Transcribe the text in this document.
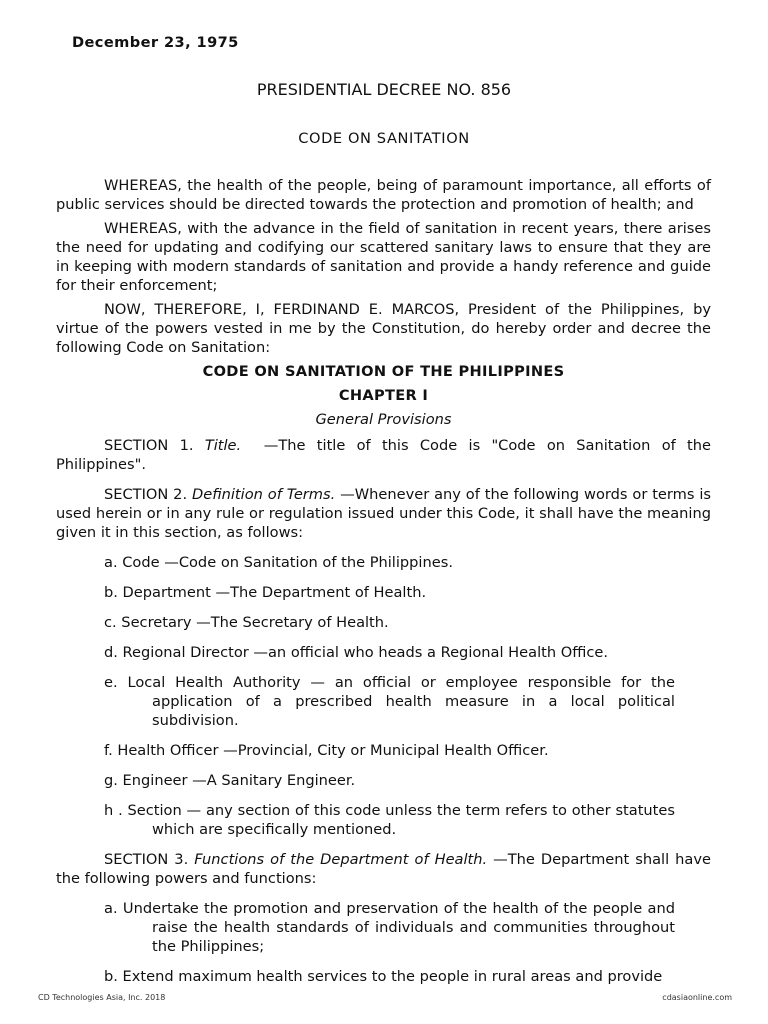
December 23, 1975
PRESIDENTIAL DECREE NO. 856
CODE ON SANITATION

WHEREAS, the health of the people, being of paramount importance, all efforts of public services should be directed towards the protection and promotion of health; and

WHEREAS, with the advance in the field of sanitation in recent years, there arises the need for updating and codifying our scattered sanitary laws to ensure that they are in keeping with modern standards of sanitation and provide a handy reference and guide for their enforcement;

NOW, THEREFORE, I, FERDINAND E. MARCOS, President of the Philippines, by virtue of the powers vested in me by the Constitution, do hereby order and decree the following Code on Sanitation:

CODE ON SANITATION OF THE PHILIPPINES
CHAPTER I
General Provisions

SECTION 1. Title. —The title of this Code is "Code on Sanitation of the Philippines".

SECTION 2. Definition of Terms. —Whenever any of the following words or terms is used herein or in any rule or regulation issued under this Code, it shall have the meaning given it in this section, as follows:

a. Code —Code on Sanitation of the Philippines.
b. Department —The Department of Health.
c. Secretary —The Secretary of Health.
d. Regional Director —an official who heads a Regional Health Office.
e. Local Health Authority — an official or employee responsible for the application of a prescribed health measure in a local political subdivision.
f. Health Officer —Provincial, City or Municipal Health Officer.
g. Engineer —A Sanitary Engineer.
h . Section — any section of this code unless the term refers to other statutes which are specifically mentioned.

SECTION 3. Functions of the Department of Health. —The Department shall have the following powers and functions:

a. Undertake the promotion and preservation of the health of the people and raise the health standards of individuals and communities throughout the Philippines;
b. Extend maximum health services to the people in rural areas and provide
CD Technologies Asia, Inc. 2018	cdasiaonline.com
